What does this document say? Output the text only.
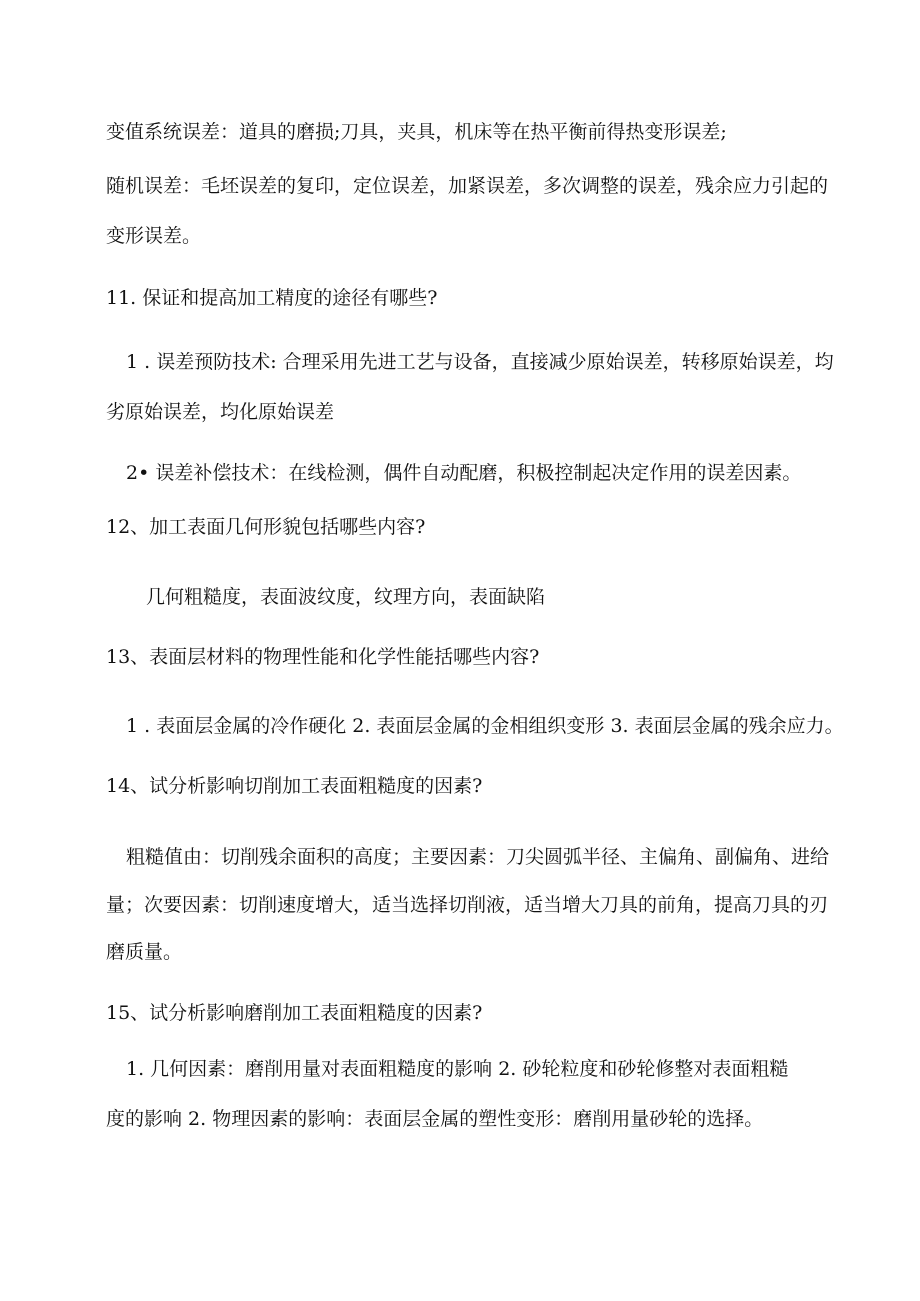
变值系统误差：道具的磨损;刀具，夹具，机床等在热平衡前得热变形误差;
随机误差：毛坯误差的复印，定位误差，加紧误差，多次调整的误差，残余应力引起的
变形误差。
11. 保证和提高加工精度的途径有哪些?
1 . 误差预防技术: 合理采用先进工艺与设备，直接减少原始误差，转移原始误差，均
劣原始误差，均化原始误差
2• 误差补偿技术：在线检测，偶件自动配磨，积极控制起决定作用的误差因素。
12、加工表面几何形貌包括哪些内容?
几何粗糙度，表面波纹度，纹理方向，表面缺陷
13、表面层材料的物理性能和化学性能括哪些内容?
1 . 表面层金属的冷作硬化 2. 表面层金属的金相组织变形 3. 表面层金属的残余应力。
14、试分析影响切削加工表面粗糙度的因素?
粗糙值由：切削残余面积的高度；主要因素：刀尖圆弧半径、主偏角、副偏角、进给
量；次要因素：切削速度增大，适当选择切削液，适当增大刀具的前角，提高刀具的刃
磨质量。
15、试分析影响磨削加工表面粗糙度的因素?
1. 几何因素：磨削用量对表面粗糙度的影响 2. 砂轮粒度和砂轮修整对表面粗糙
度的影响 2. 物理因素的影响：表面层金属的塑性变形：磨削用量砂轮的选择。
